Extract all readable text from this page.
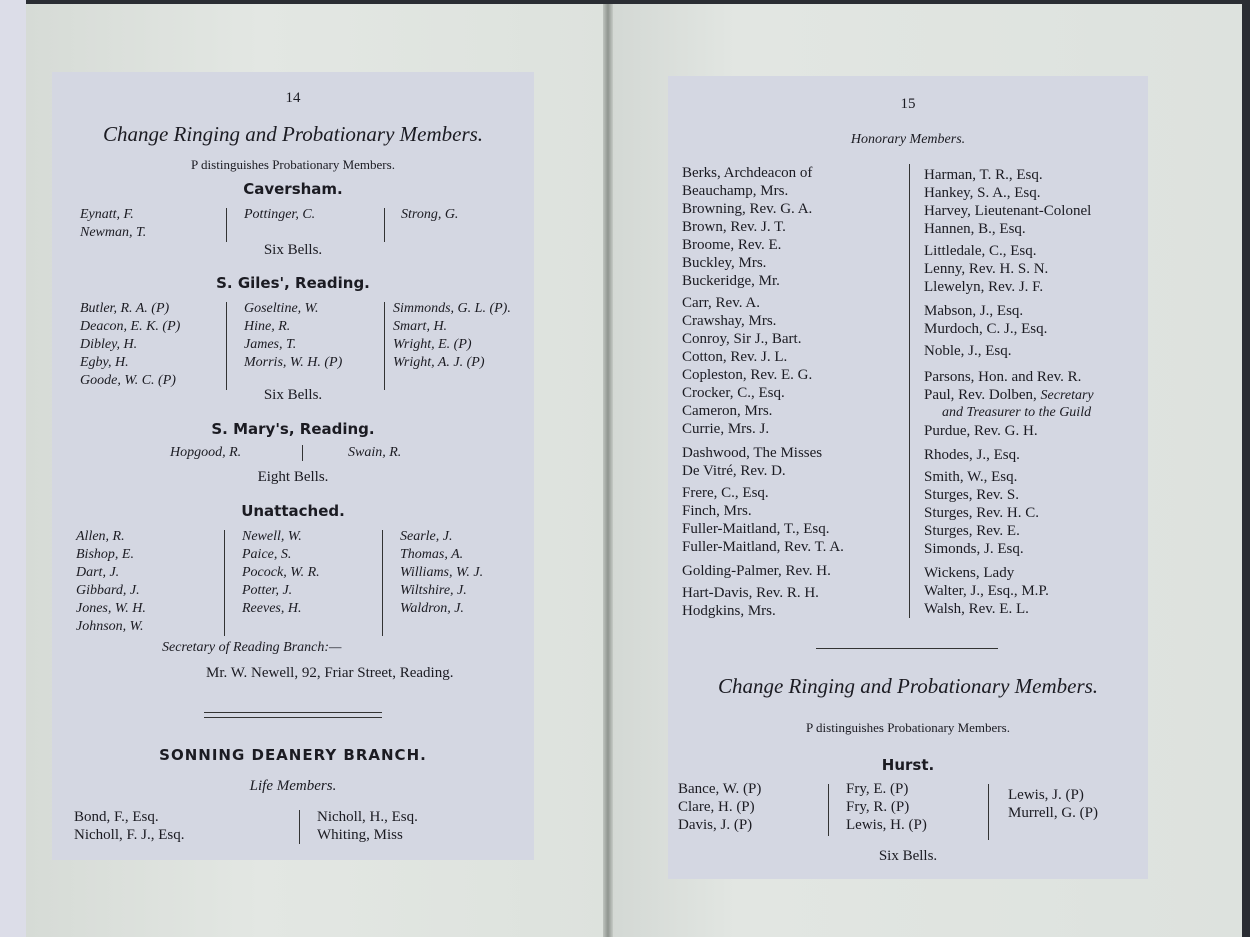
14
Change Ringing and Probationary Members.
P distinguishes Probationary Members.
Caversham.
Eynatt, F.
Newman, T.
Pottinger, C.	Strong, G.
Six Bells.
S. Giles', Reading.
Butler, R. A. (P)
Deacon, E. K. (P)
Dibley, H.
Egby, H.
Goode, W. C. (P)
Goseltine, W.
Hine, R.
James, T.
Morris, W. H. (P)
Simmonds, G. L. (P).
Smart, H.
Wright, E. (P)
Wright, A. J. (P)
Six Bells.
S. Mary's, Reading.
Hopgood, R.	Swain, R.
Eight Bells.
Unattached.
Allen, R.
Bishop, E.
Dart, J.
Gibbard, J.
Jones, W. H.
Johnson, W.
Newell, W.
Paice, S.
Pocock, W. R.
Potter, J.
Reeves, H.
Searle, J.
Thomas, A.
Williams, W. J.
Wiltshire, J.
Waldron, J.
Secretary of Reading Branch:—
Mr. W. Newell, 92, Friar Street, Reading.
SONNING DEANERY BRANCH.
Life Members.
Bond, F., Esq.
Nicholl, F. J., Esq.
Nicholl, H., Esq.
Whiting, Miss
15
Honorary Members.
Berks, Archdeacon of
Beauchamp, Mrs.
Browning, Rev. G. A.
Brown, Rev. J. T.
Broome, Rev. E.
Buckley, Mrs.
Buckeridge, Mr.
Carr, Rev. A.
Crawshay, Mrs.
Conroy, Sir J., Bart.
Cotton, Rev. J. L.
Copleston, Rev. E. G.
Crocker, C., Esq.
Cameron, Mrs.
Currie, Mrs. J.
Dashwood, The Misses
De Vitré, Rev. D.
Frere, C., Esq.
Finch, Mrs.
Fuller-Maitland, T., Esq.
Fuller-Maitland, Rev. T. A.
Golding-Palmer, Rev. H.
Hart-Davis, Rev. R. H.
Hodgkins, Mrs.
Harman, T. R., Esq.
Hankey, S. A., Esq.
Harvey, Lieutenant-Colonel
Hannen, B., Esq.
Littledale, C., Esq.
Lenny, Rev. H. S. N.
Llewelyn, Rev. J. F.
Mabson, J., Esq.
Murdoch, C. J., Esq.
Noble, J., Esq.
Parsons, Hon. and Rev. R.
Paul, Rev. Dolben, Secretary
and Treasurer to the Guild
Purdue, Rev. G. H.
Rhodes, J., Esq.
Smith, W., Esq.
Sturges, Rev. S.
Sturges, Rev. H. C.
Sturges, Rev. E.
Simonds, J. Esq.
Wickens, Lady
Walter, J., Esq., M.P.
Walsh, Rev. E. L.
Change Ringing and Probationary Members.
P distinguishes Probationary Members.
Hurst.
Bance, W. (P)
Clare, H. (P)
Davis, J. (P)
Fry, E. (P)
Fry, R. (P)
Lewis, H. (P)
Lewis, J. (P)
Murrell, G. (P)
Six Bells.
